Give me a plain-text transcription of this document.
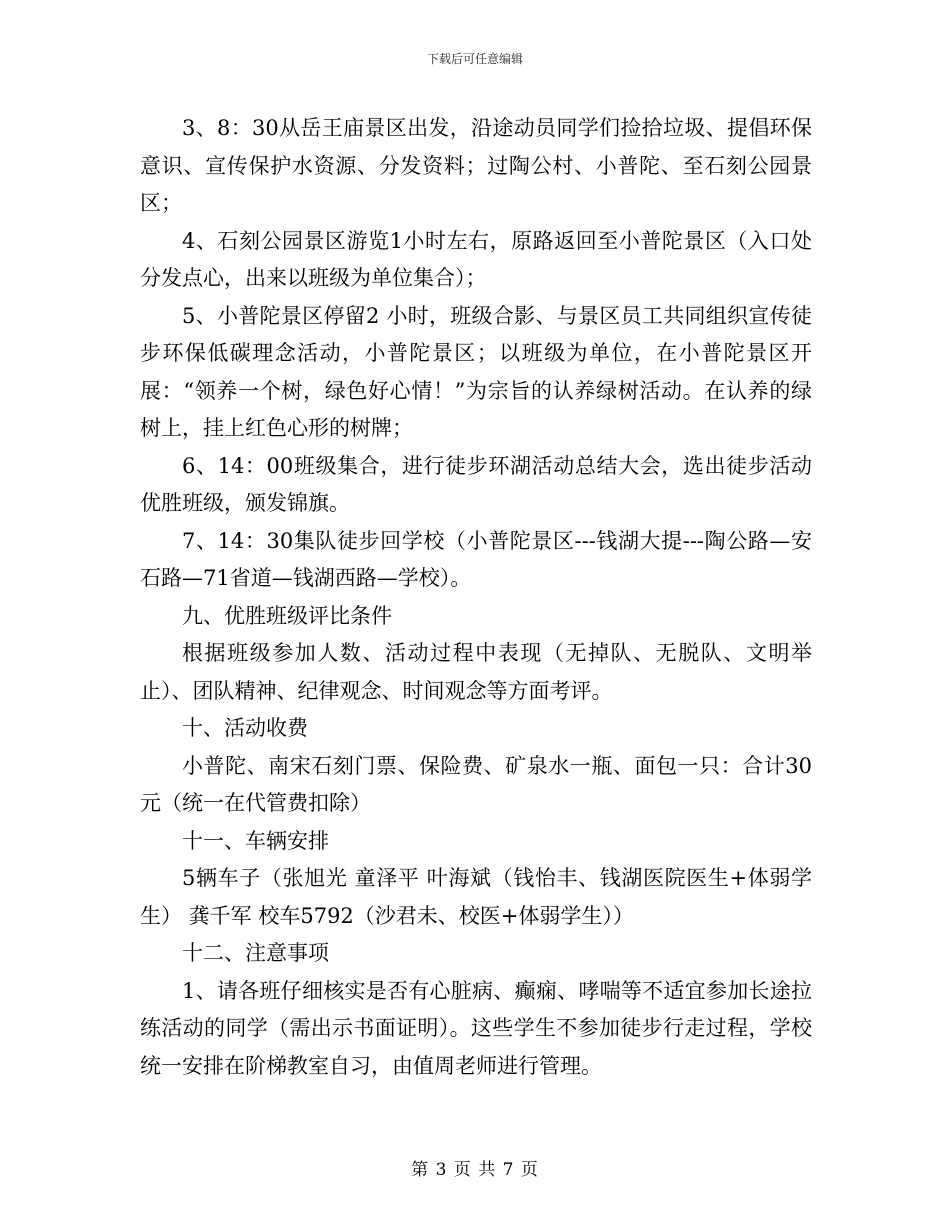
下载后可任意编辑

3、8：30从岳王庙景区出发，沿途动员同学们捡拾垃圾、提倡环保意识、宣传保护水资源、分发资料；过陶公村、小普陀、至石刻公园景区；

4、石刻公园景区游览1小时左右，原路返回至小普陀景区（入口处分发点心，出来以班级为单位集合）；

5、小普陀景区停留2 小时，班级合影、与景区员工共同组织宣传徒步环保低碳理念活动，小普陀景区；以班级为单位，在小普陀景区开展：“领养一个树，绿色好心情！”为宗旨的认养绿树活动。在认养的绿树上，挂上红色心形的树牌；

6、14：00班级集合，进行徒步环湖活动总结大会，选出徒步活动优胜班级，颁发锦旗。

7、14：30集队徒步回学校（小普陀景区---钱湖大提---陶公路—安石路—71省道—钱湖西路—学校）。

九、优胜班级评比条件

根据班级参加人数、活动过程中表现（无掉队、无脱队、文明举止）、团队精神、纪律观念、时间观念等方面考评。

十、活动收费

小普陀、南宋石刻门票、保险费、矿泉水一瓶、面包一只：合计30元（统一在代管费扣除）

十一、车辆安排

5辆车子（张旭光 童泽平 叶海斌（钱怡丰、钱湖医院医生+体弱学生） 龚千军 校车5792（沙君未、校医+体弱学生））

十二、注意事项

1、请各班仔细核实是否有心脏病、癫痫、哮喘等不适宜参加长途拉练活动的同学（需出示书面证明）。这些学生不参加徒步行走过程，学校统一安排在阶梯教室自习，由值周老师进行管理。

第 3 页 共 7 页
